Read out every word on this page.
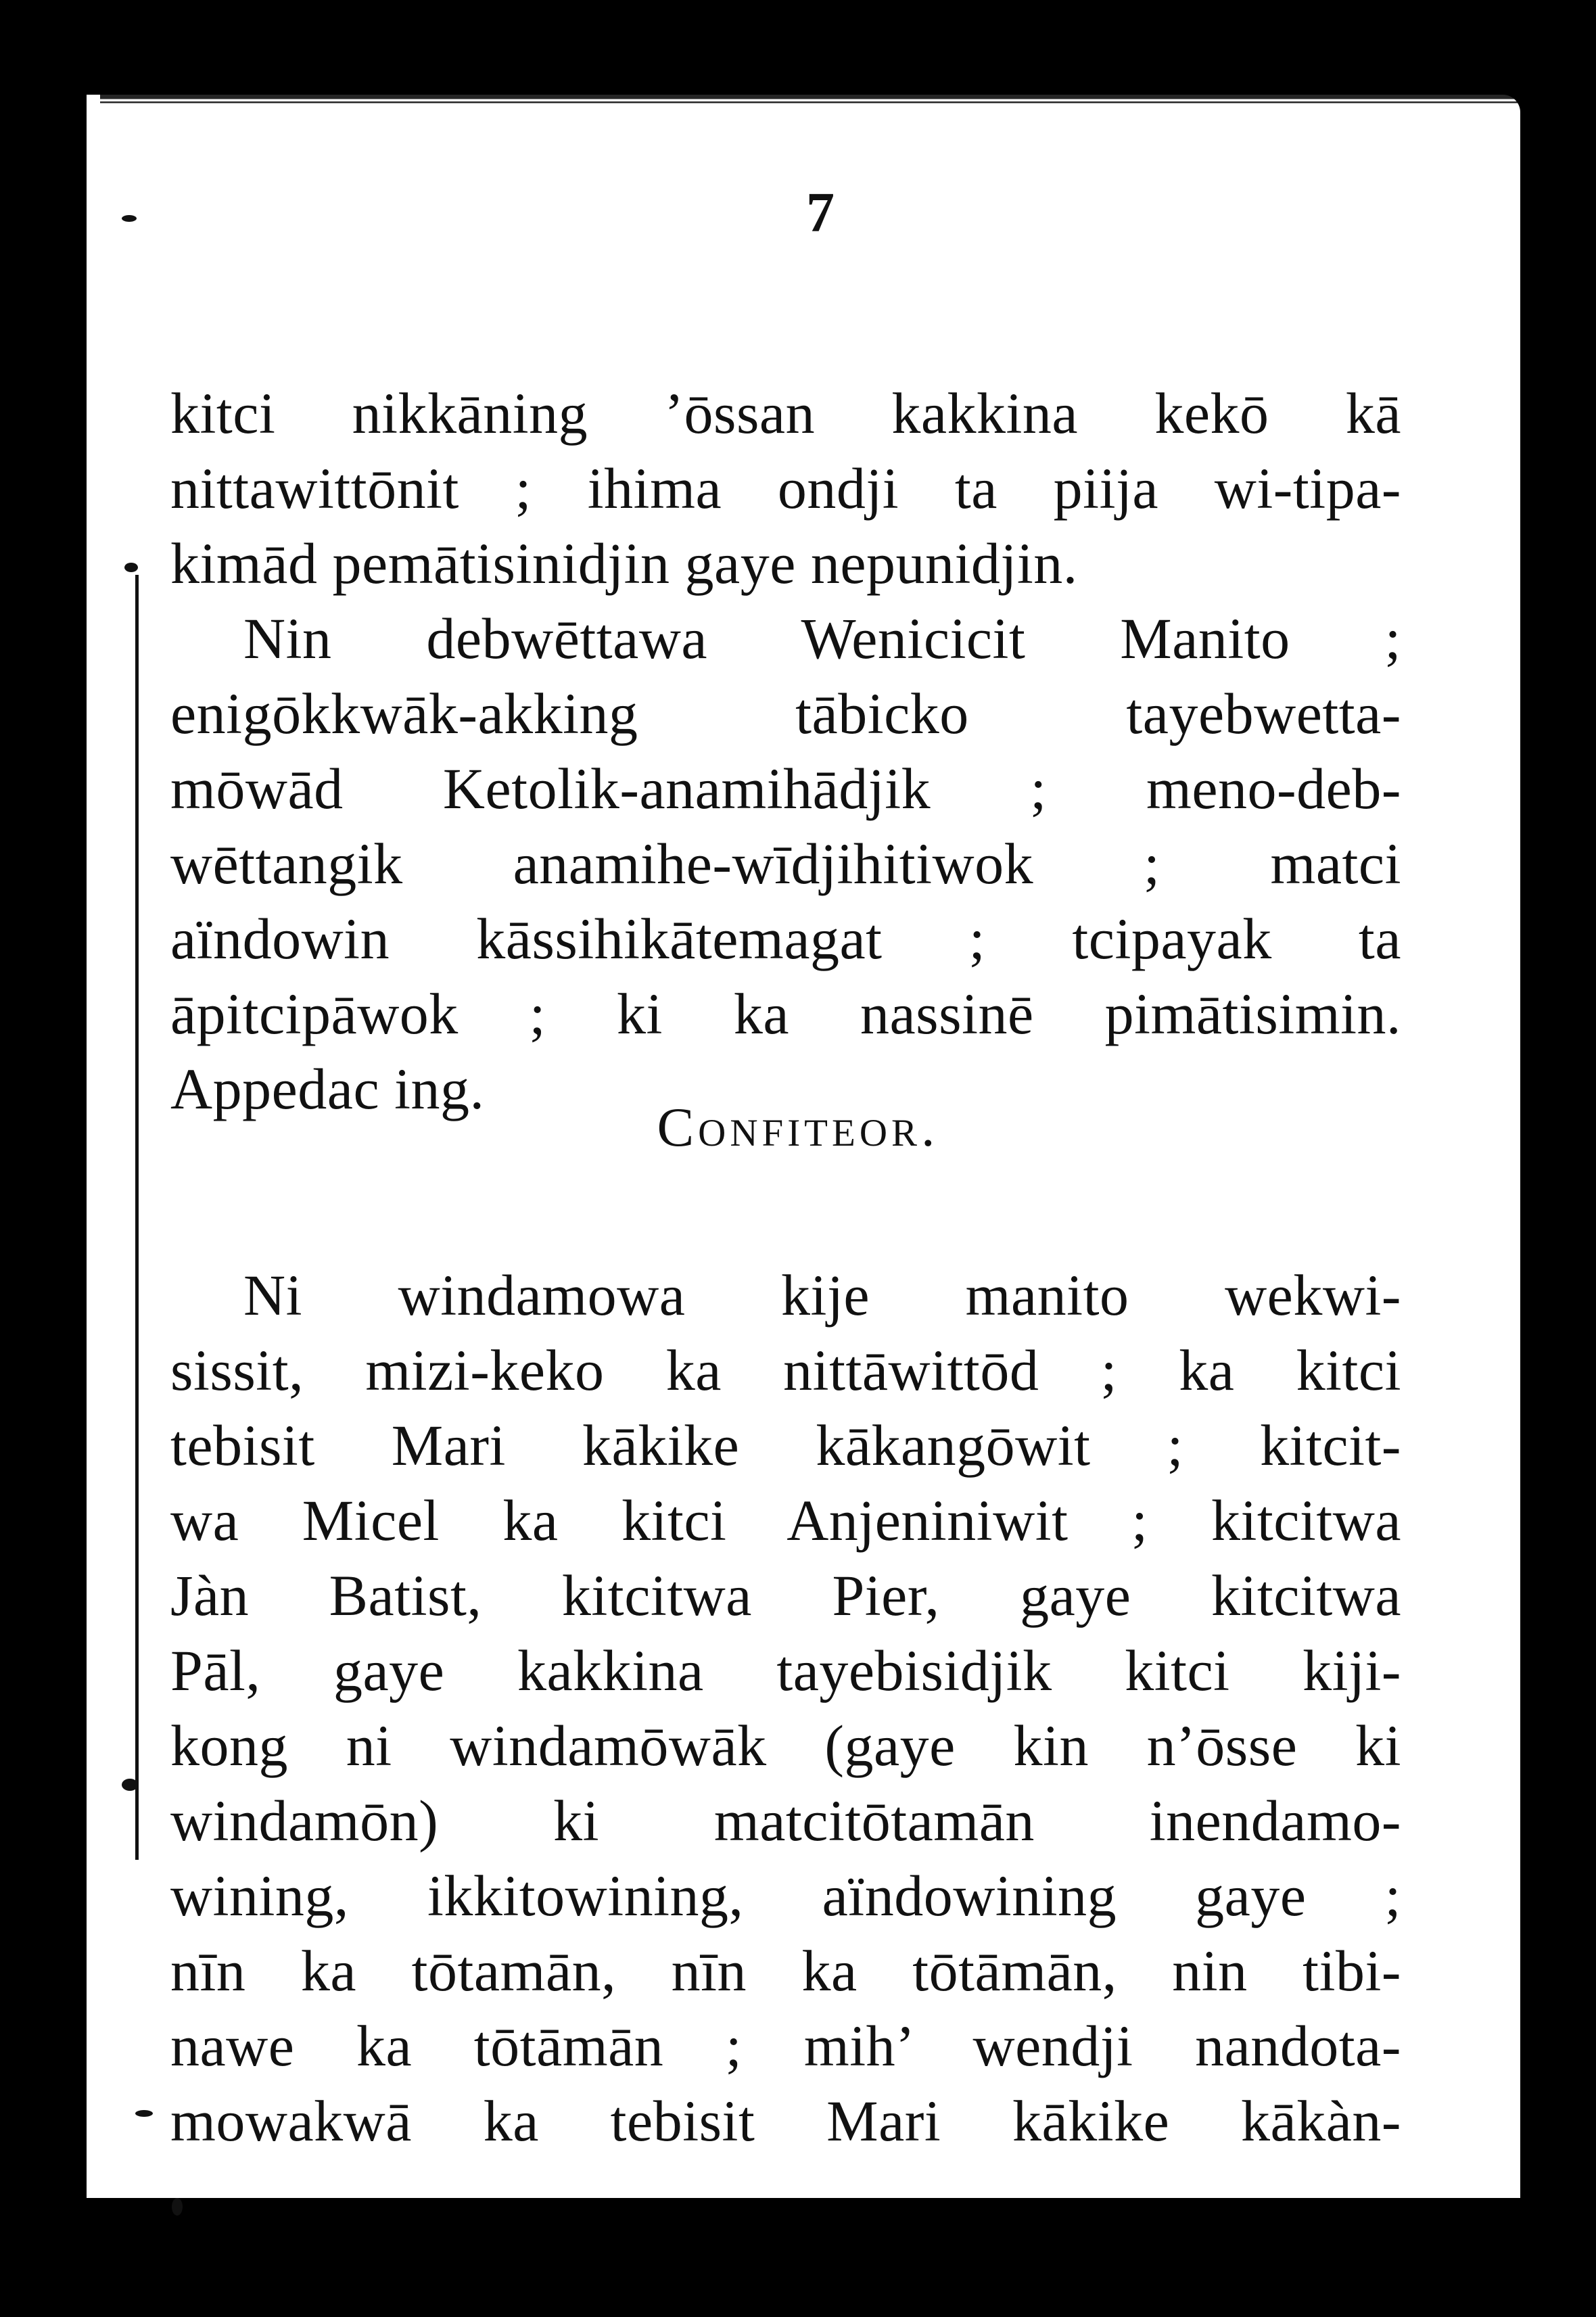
7
kitci nikkāning ’ōssan kakkina kekō kā
nittawittōnit ; ihima ondji ta piija wi-tipa-
kimād pemātisinidjin gaye nepunidjin.
Nin debwēttawa Wenicicit Manito ;
enigōkkwāk-akking tābicko tayebwetta-
mōwād Ketolik-anamihādjik ; meno-deb-
wēttangik anamihe-wīdjihitiwok ; matci
aïndowin kāssihikātemagat ; tcipayak ta
āpitcipāwok ; ki ka nassinē pimātisimin.
Appedac ing.
Confiteor.
Ni windamowa kije manito wekwi-
sissit, mizi-keko ka nittāwittōd ; ka kitci
tebisit Mari kākike kākangōwit ; kitcit-
wa Micel ka kitci Anjeniniwit ; kitcitwa
Jàn Batist, kitcitwa Pier, gaye kitcitwa
Pāl, gaye kakkina tayebisidjik kitci kiji-
kong ni windamōwāk (gaye kin n’ōsse ki
windamōn) ki matcitōtamān inendamo-
wining, ikkitowining, aïndowining gaye ;
nīn ka tōtamān, nīn ka tōtāmān, nin tibi-
nawe ka tōtāmān ; mih’ wendji nandota-
mowakwā ka tebisit Mari kākike kākàn-
